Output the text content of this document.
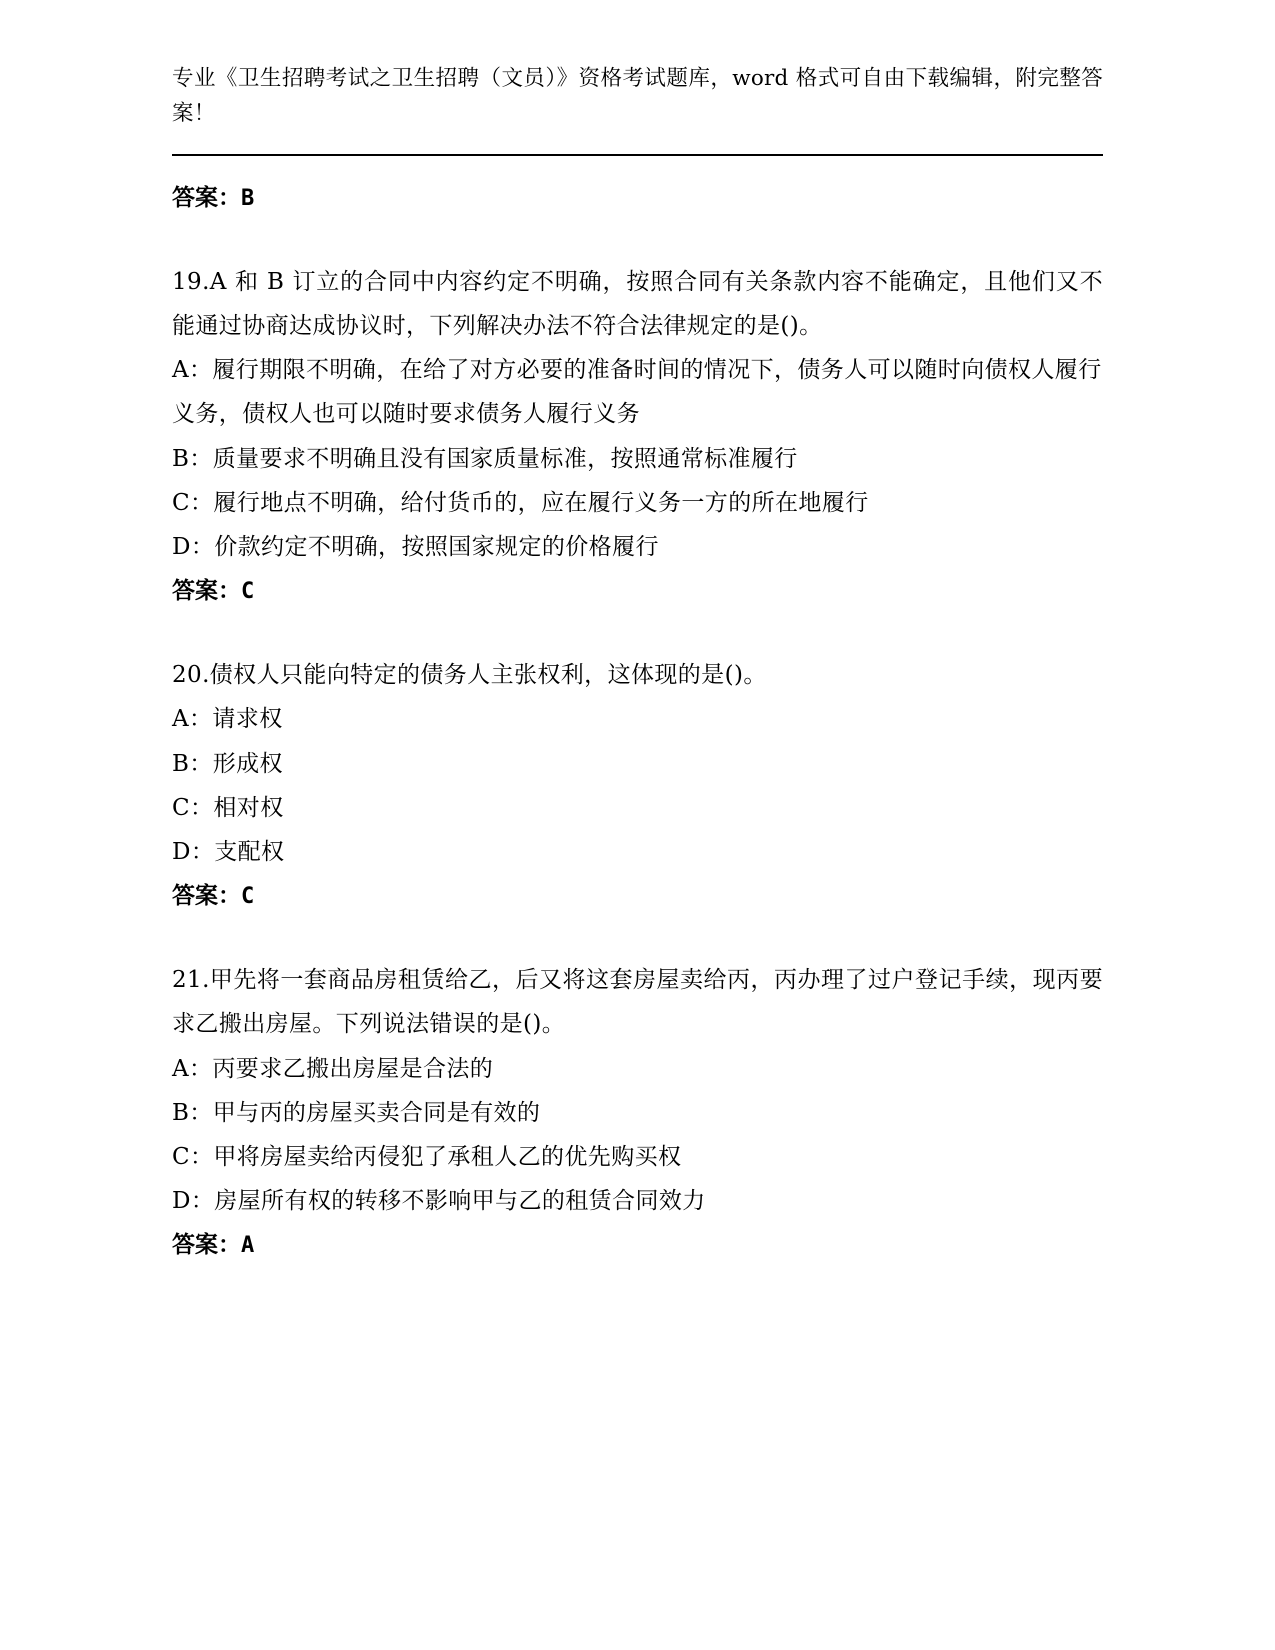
专业《卫生招聘考试之卫生招聘（文员）》资格考试题库，word 格式可自由下载编辑，附完整答案！

答案：B

19.A 和 B 订立的合同中内容约定不明确，按照合同有关条款内容不能确定，且他们又不能通过协商达成协议时，下列解决办法不符合法律规定的是()。

A：履行期限不明确，在给了对方必要的准备时间的情况下，债务人可以随时向债权人履行义务，债权人也可以随时要求债务人履行义务

B：质量要求不明确且没有国家质量标准，按照通常标准履行

C：履行地点不明确，给付货币的，应在履行义务一方的所在地履行

D：价款约定不明确，按照国家规定的价格履行

答案：C

20.债权人只能向特定的债务人主张权利，这体现的是()。

A：请求权

B：形成权

C：相对权

D：支配权

答案：C

21.甲先将一套商品房租赁给乙，后又将这套房屋卖给丙，丙办理了过户登记手续，现丙要求乙搬出房屋。下列说法错误的是()。

A：丙要求乙搬出房屋是合法的

B：甲与丙的房屋买卖合同是有效的

C：甲将房屋卖给丙侵犯了承租人乙的优先购买权

D：房屋所有权的转移不影响甲与乙的租赁合同效力

答案：A
